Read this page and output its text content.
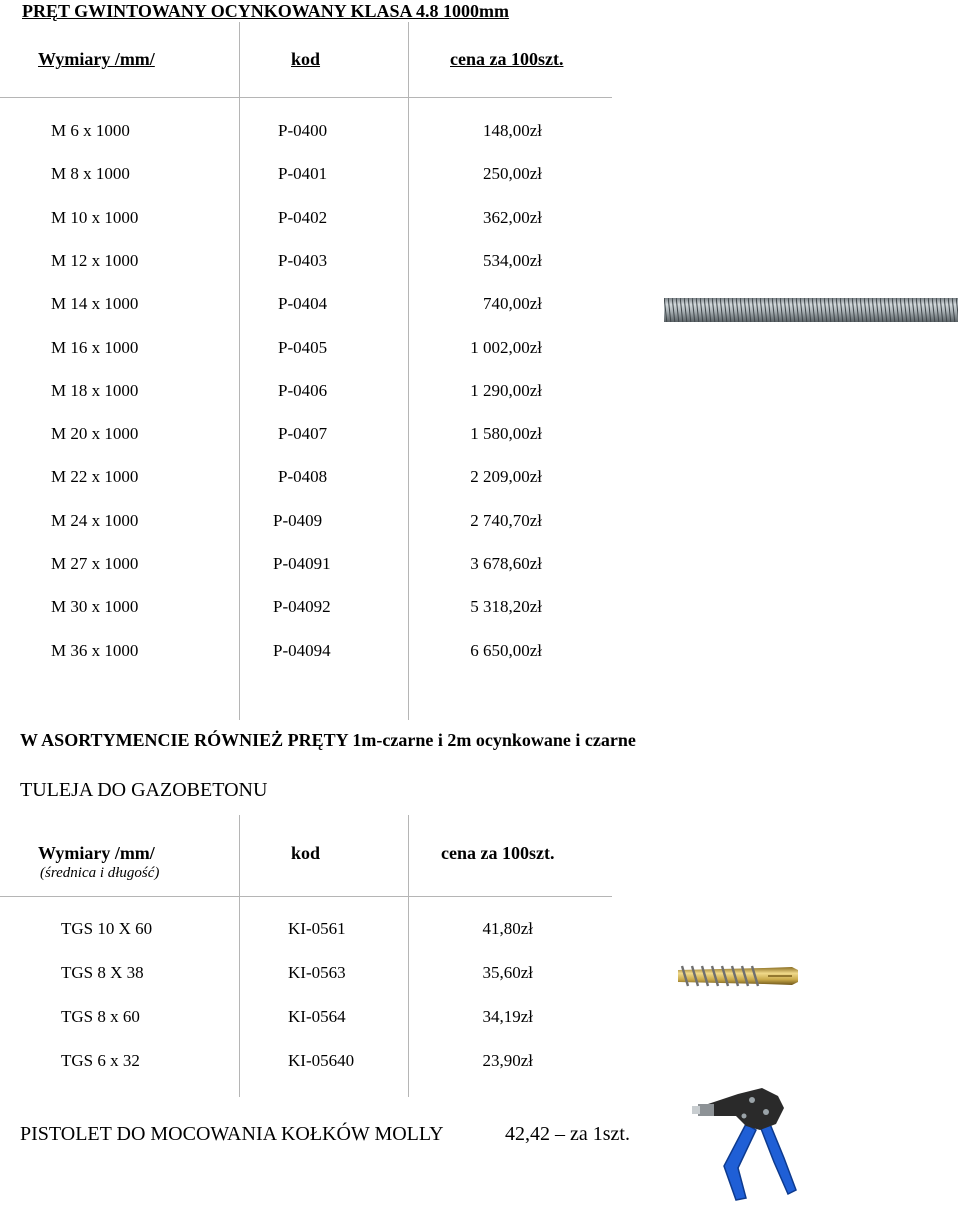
PRĘT GWINTOWANY OCYNKOWANY KLASA 4.8 1000mm
Wymiary /mm/	kod	cena za 100szt.
M 6 x 1000	P-0400	148,00zł
M 8 x 1000	P-0401	250,00zł
M 10 x 1000	P-0402	362,00zł
M 12 x 1000	P-0403	534,00zł
M 14 x 1000	P-0404	740,00zł
M 16 x 1000	P-0405	1 002,00zł
M 18 x 1000	P-0406	1 290,00zł
M 20 x 1000	P-0407	1 580,00zł
M 22 x 1000	P-0408	2 209,00zł
M 24 x 1000	P-0409	2 740,70zł
M 27 x 1000	P-04091	3 678,60zł
M 30 x 1000	P-04092	5 318,20zł
M 36 x 1000	P-04094	6 650,00zł
W ASORTYMENCIE RÓWNIEŻ PRĘTY 1m-czarne i 2m ocynkowane i czarne
TULEJA DO GAZOBETONU
Wymiary /mm/
(średnica i długość)
kod	cena za 100szt.
TGS 10 X 60	KI-0561	41,80zł
TGS 8 X 38	KI-0563	35,60zł
TGS 8 x 60	KI-0564	34,19zł
TGS 6 x 32	KI-05640	23,90zł
PISTOLET DO MOCOWANIA KOŁKÓW MOLLY	42,42 – za 1szt.
